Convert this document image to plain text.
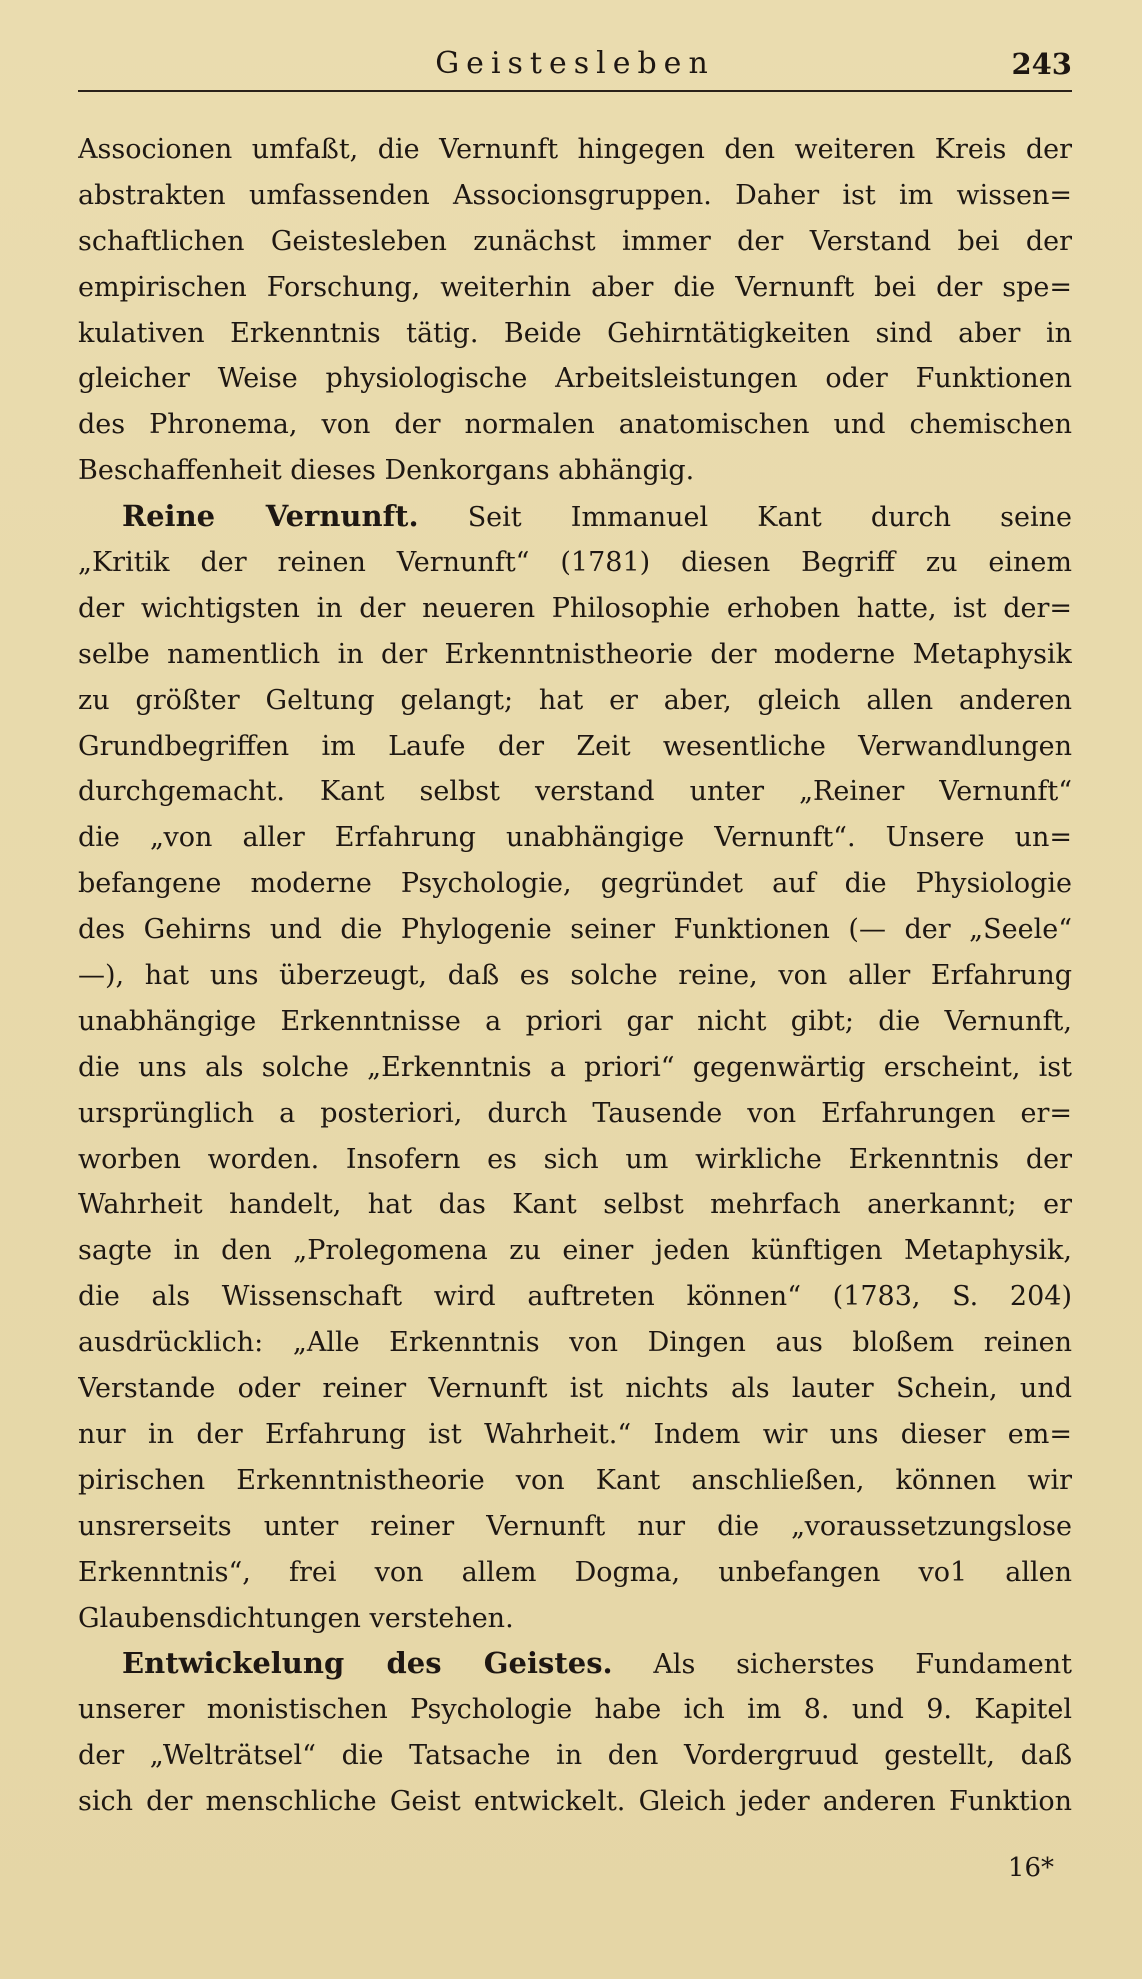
Geistesleben	243
Associonen umfaßt, die Vernunft hingegen den weiteren Kreis der
abstrakten umfassenden Associonsgruppen. Daher ist im wissen=
schaftlichen Geistesleben zunächst immer der Verstand bei der
empirischen Forschung, weiterhin aber die Vernunft bei der spe=
kulativen Erkenntnis tätig. Beide Gehirntätigkeiten sind aber in
gleicher Weise physiologische Arbeitsleistungen oder Funktionen
des Phronema, von der normalen anatomischen und chemischen
Beschaffenheit dieses Denkorgans abhängig.
Reine Vernunft. Seit Immanuel Kant durch seine
„Kritik der reinen Vernunft“ (1781) diesen Begriff zu einem
der wichtigsten in der neueren Philosophie erhoben hatte, ist der=
selbe namentlich in der Erkenntnistheorie der moderne Metaphysik
zu größter Geltung gelangt; hat er aber, gleich allen anderen
Grundbegriffen im Laufe der Zeit wesentliche Verwandlungen
durchgemacht. Kant selbst verstand unter „Reiner Vernunft“
die „von aller Erfahrung unabhängige Vernunft“. Unsere un=
befangene moderne Psychologie, gegründet auf die Physiologie
des Gehirns und die Phylogenie seiner Funktionen (— der „Seele“
—), hat uns überzeugt, daß es solche reine, von aller Erfahrung
unabhängige Erkenntnisse a priori gar nicht gibt; die Vernunft,
die uns als solche „Erkenntnis a priori“ gegenwärtig erscheint, ist
ursprünglich a posteriori, durch Tausende von Erfahrungen er=
worben worden. Insofern es sich um wirkliche Erkenntnis der
Wahrheit handelt, hat das Kant selbst mehrfach anerkannt; er
sagte in den „Prolegomena zu einer jeden künftigen Metaphysik,
die als Wissenschaft wird auftreten können“ (1783, S. 204)
ausdrücklich: „Alle Erkenntnis von Dingen aus bloßem reinen
Verstande oder reiner Vernunft ist nichts als lauter Schein, und
nur in der Erfahrung ist Wahrheit.“ Indem wir uns dieser em=
pirischen Erkenntnistheorie von Kant anschließen, können wir
unsrerseits unter reiner Vernunft nur die „voraussetzungslose
Erkenntnis“, frei von allem Dogma, unbefangen vo1 allen
Glaubensdichtungen verstehen.
Entwickelung des Geistes. Als sicherstes Fundament
unserer monistischen Psychologie habe ich im 8. und 9. Kapitel
der „Welträtsel“ die Tatsache in den Vordergruud gestellt, daß
sich der menschliche Geist entwickelt. Gleich jeder anderen Funktion
16*
